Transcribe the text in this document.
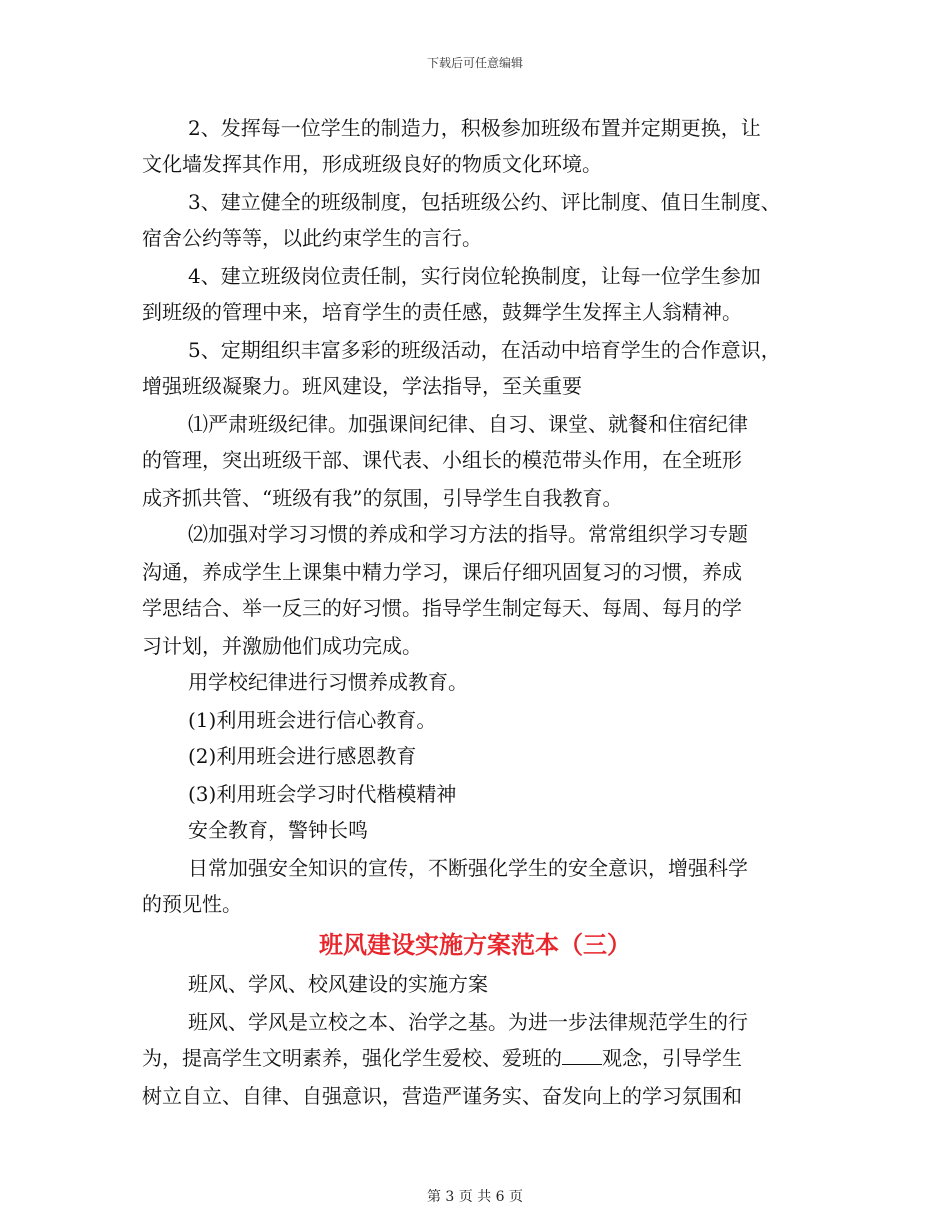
下载后可任意编辑
2、发挥每一位学生的制造力，积极参加班级布置并定期更换，让
文化墙发挥其作用，形成班级良好的物质文化环境。
3、建立健全的班级制度，包括班级公约、评比制度、值日生制度、
宿舍公约等等，以此约束学生的言行。
4、建立班级岗位责任制，实行岗位轮换制度，让每一位学生参加
到班级的管理中来，培育学生的责任感，鼓舞学生发挥主人翁精神。
5、定期组织丰富多彩的班级活动，在活动中培育学生的合作意识，
增强班级凝聚力。班风建设，学法指导，至关重要
⑴严肃班级纪律。加强课间纪律、自习、课堂、就餐和住宿纪律
的管理，突出班级干部、课代表、小组长的模范带头作用，在全班形
成齐抓共管、“班级有我”的氛围，引导学生自我教育。
⑵加强对学习习惯的养成和学习方法的指导。常常组织学习专题
沟通，养成学生上课集中精力学习，课后仔细巩固复习的习惯，养成
学思结合、举一反三的好习惯。指导学生制定每天、每周、每月的学
习计划，并激励他们成功完成。
用学校纪律进行习惯养成教育。
(1)利用班会进行信心教育。
(2)利用班会进行感恩教育
(3)利用班会学习时代楷模精神
安全教育，警钟长鸣
日常加强安全知识的宣传，不断强化学生的安全意识，增强科学
的预见性。
班风建设实施方案范本（三）
班风、学风、校风建设的实施方案
班风、学风是立校之本、治学之基。为进一步法律规范学生的行
为，提高学生文明素养，强化学生爱校、爱班的 观念，引导学生
树立自立、自律、自强意识，营造严谨务实、奋发向上的学习氛围和
第 3 页 共 6 页
